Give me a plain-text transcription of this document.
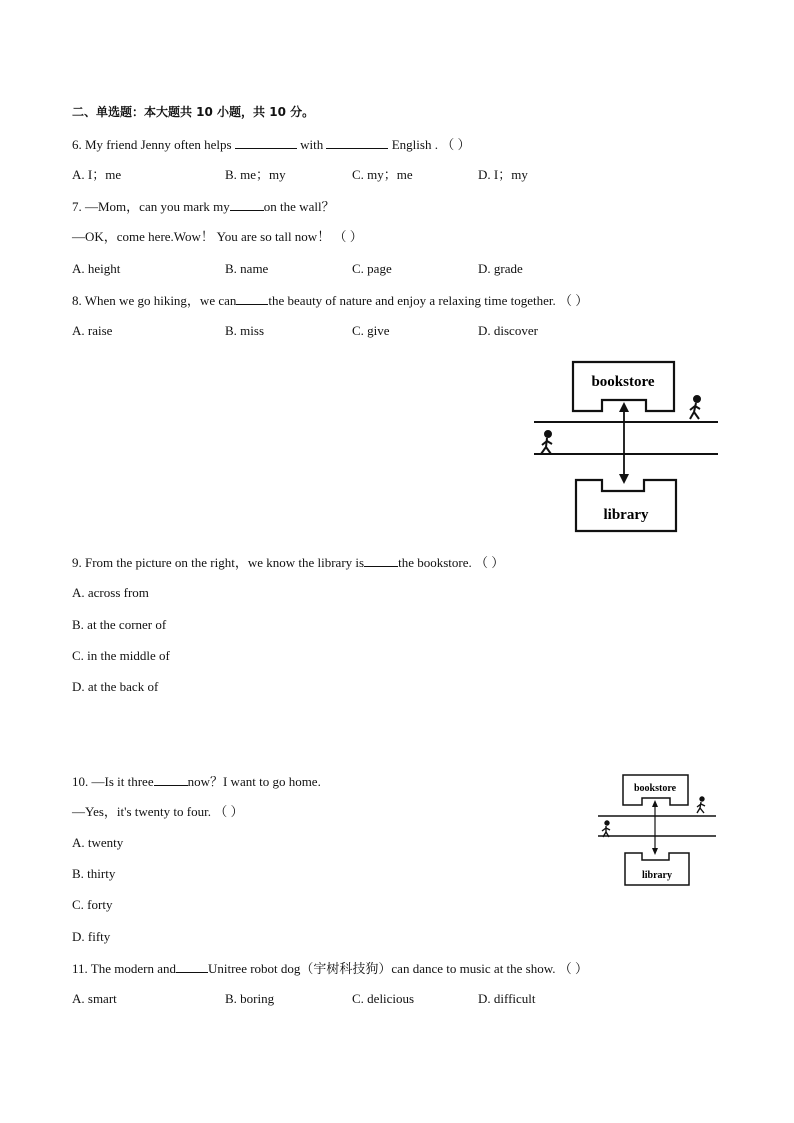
二、单选题：本大题共 10 小题，共 10 分。
6. My friend Jenny often helps	with	English . （ ）
A. I；me	B. me；my	C. my；me	D. I；my
7. —Mom，can you mark my	on the wall？
—OK，come here.Wow！ You are so tall now！ （ ）
A. height	B. name	C. page	D. grade
8. When we go hiking，we can the beauty of nature and enjoy a relaxing time together. （ ）
A. raise	B. miss	C. give	D. discover
bookstore
library
9. From the picture on the right，we know the library is	the bookstore. （ ）
A. across from
B. at the corner of
C. in the middle of
D. at the back of
10. —Is it three	now？I want to go home.
—Yes，it's twenty to four. （ ）
A. twenty
B. thirty
C. forty
D. fifty
bookstore
library
11. The modern and Unitree robot dog（宇树科技狗）can dance to music at the show. （ ）
A. smart	B. boring	C. delicious	D. difficult
